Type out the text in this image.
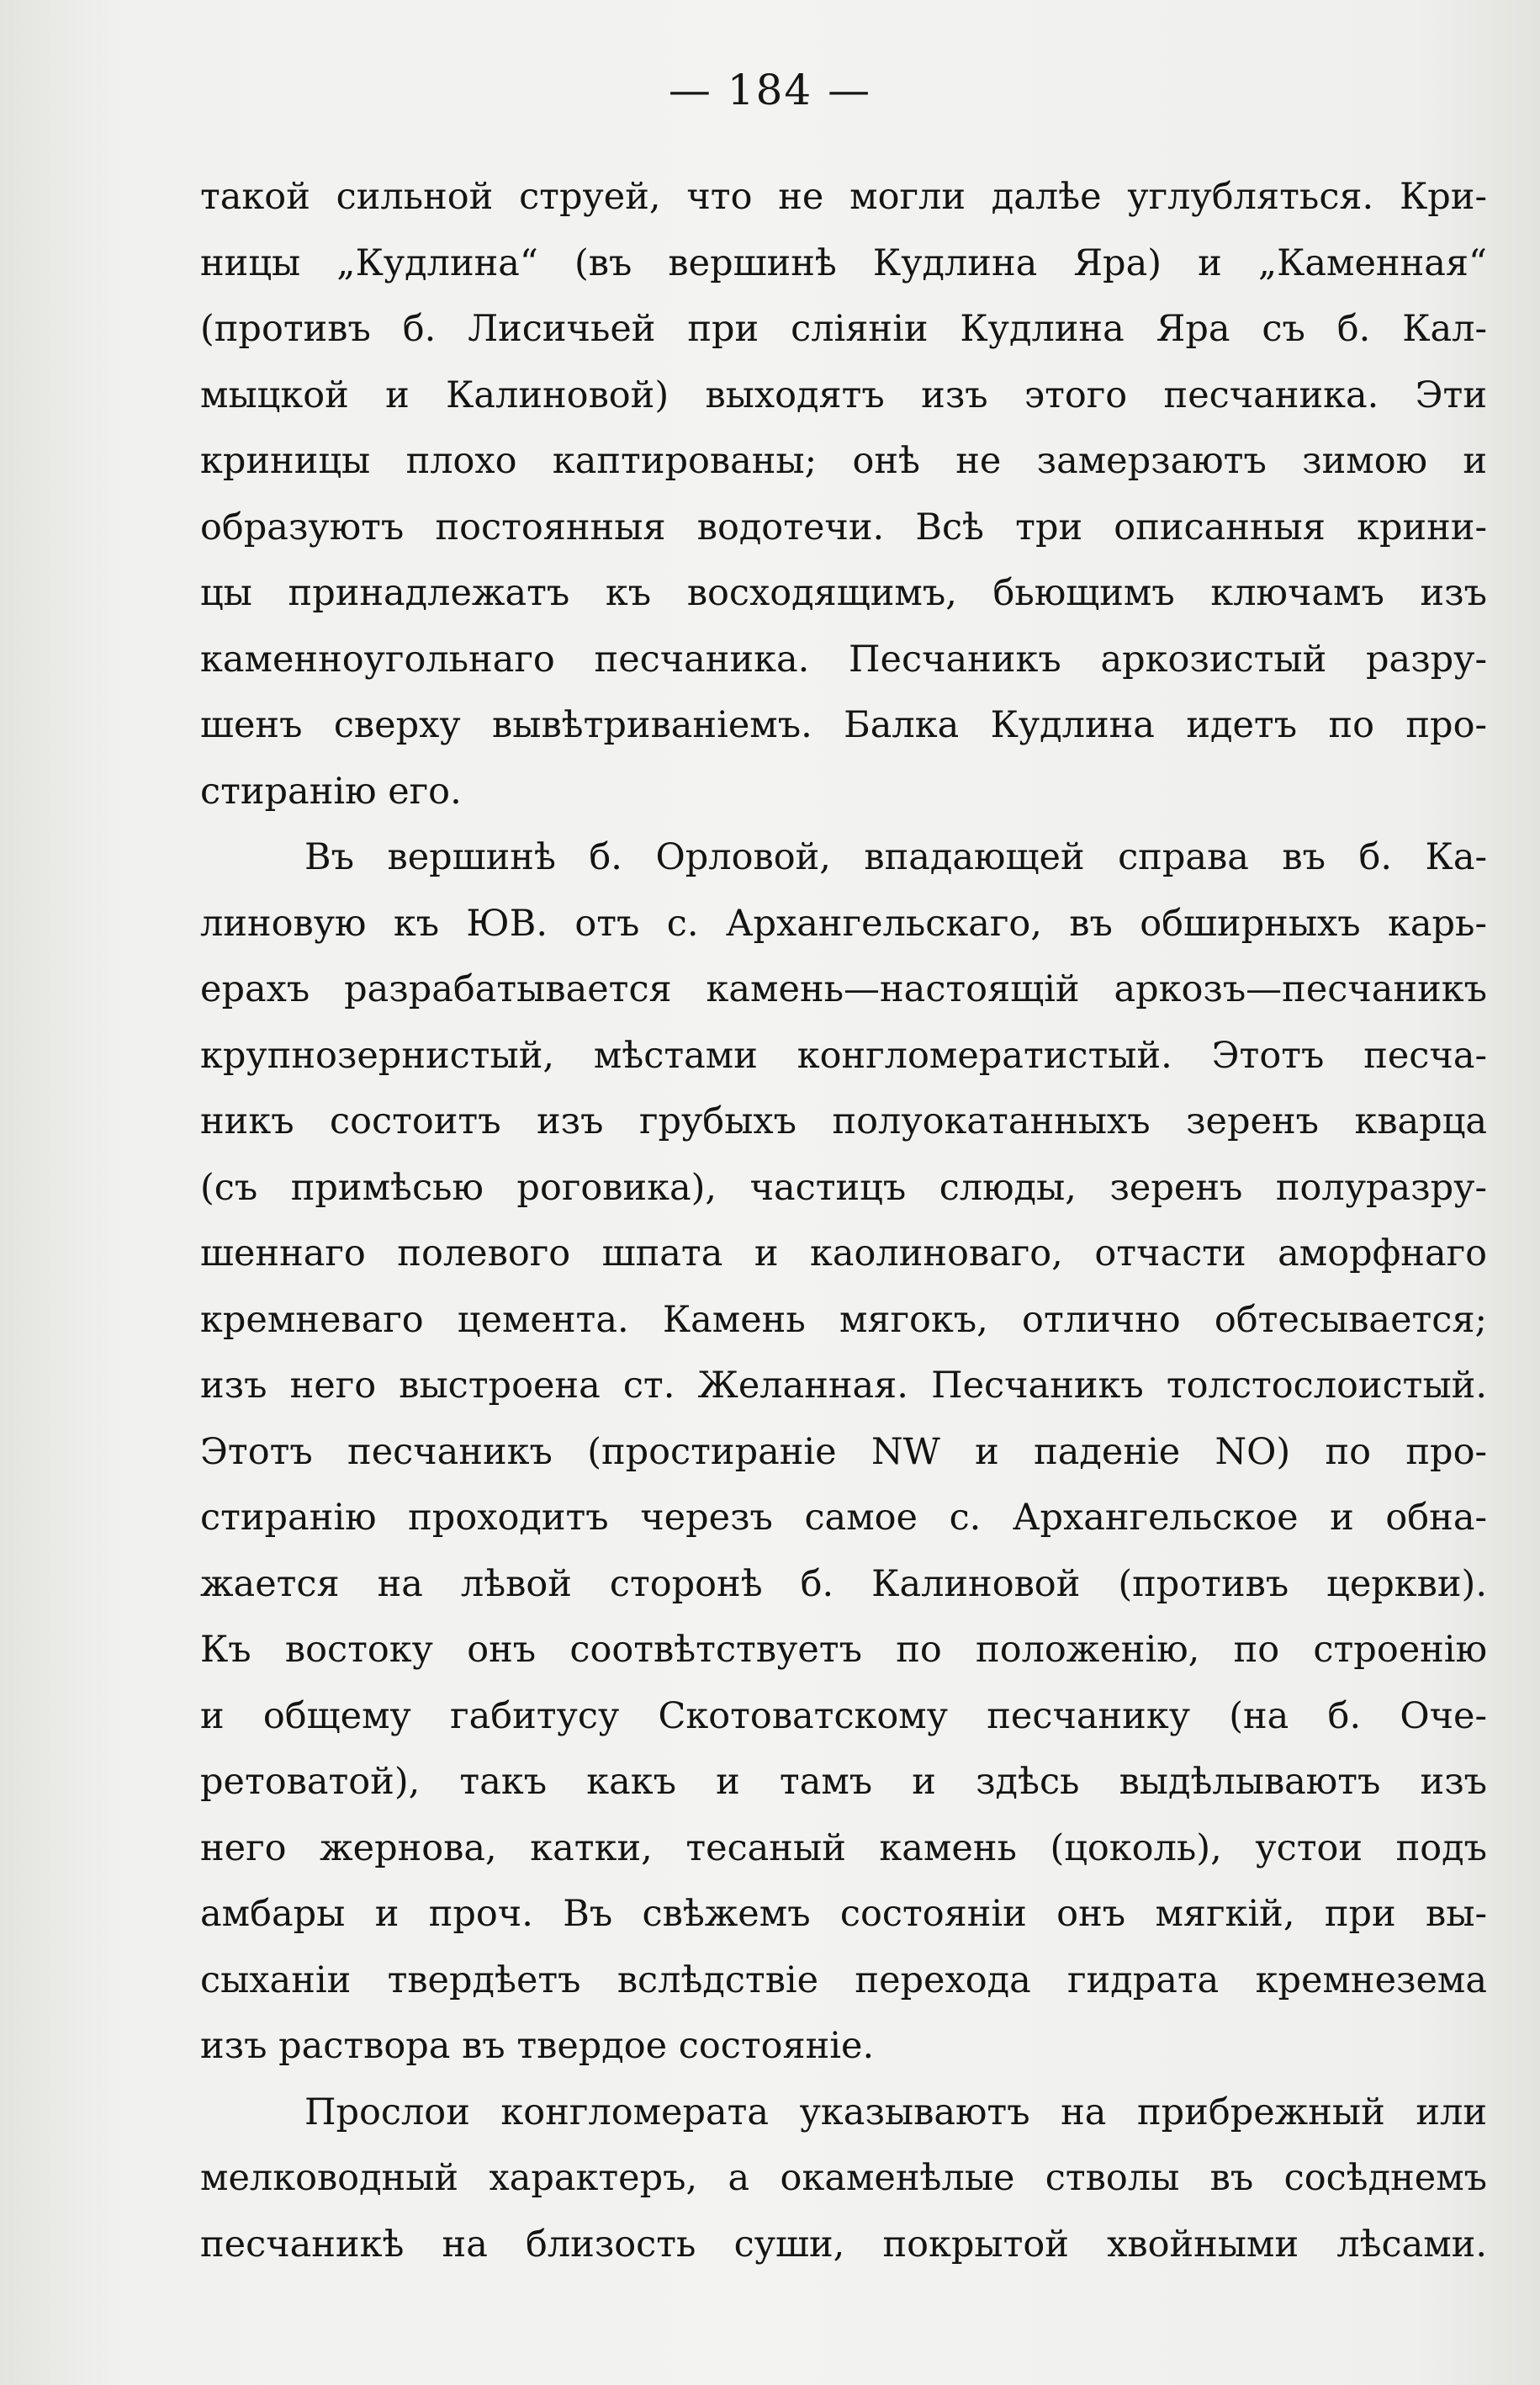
— 184 —
такой сильной струей, что не могли далѣе углубляться. Кри-
ницы „Кудлина“ (въ вершинѣ Кудлина Яра) и „Каменная“
(противъ б. Лисичьей при сліяніи Кудлина Яра съ б. Кал-
мыцкой и Калиновой) выходятъ изъ этого песчаника. Эти
криницы плохо каптированы; онѣ не замерзаютъ зимою и
образуютъ постоянныя водотечи. Всѣ три описанныя крини-
цы принадлежатъ къ восходящимъ, бьющимъ ключамъ изъ
каменноугольнаго песчаника. Песчаникъ аркозистый разру-
шенъ сверху вывѣтриваніемъ. Балка Кудлина идетъ по про-
стиранію его.
Въ вершинѣ б. Орловой, впадающей справа въ б. Ка-
линовую къ ЮВ. отъ с. Архангельскаго, въ обширныхъ карь-
ерахъ разрабатывается камень—настоящій аркозъ—песчаникъ
крупнозернистый, мѣстами конгломератистый. Этотъ песча-
никъ состоитъ изъ грубыхъ полуокатанныхъ зеренъ кварца
(съ примѣсью роговика), частицъ слюды, зеренъ полуразру-
шеннаго полевого шпата и каолиноваго, отчасти аморфнаго
кремневаго цемента. Камень мягокъ, отлично обтесывается;
изъ него выстроена ст. Желанная. Песчаникъ толстослоистый.
Этотъ песчаникъ (простираніе NW и паденіе NO) по про-
стиранію проходитъ черезъ самое с. Архангельское и обна-
жается на лѣвой сторонѣ б. Калиновой (противъ церкви).
Къ востоку онъ соотвѣтствуетъ по положенію, по строенію
и общему габитусу Скотоватскому песчанику (на б. Оче-
ретоватой), такъ какъ и тамъ и здѣсь выдѣлываютъ изъ
него жернова, катки, тесаный камень (цоколь), устои подъ
амбары и проч. Въ свѣжемъ состояніи онъ мягкій, при вы-
сыханіи твердѣетъ вслѣдствіе перехода гидрата кремнезема
изъ раствора въ твердое состояніе.
Прослои конгломерата указываютъ на прибрежный или
мелководный характеръ, а окаменѣлые стволы въ сосѣднемъ
песчаникѣ на близость суши, покрытой хвойными лѣсами.
